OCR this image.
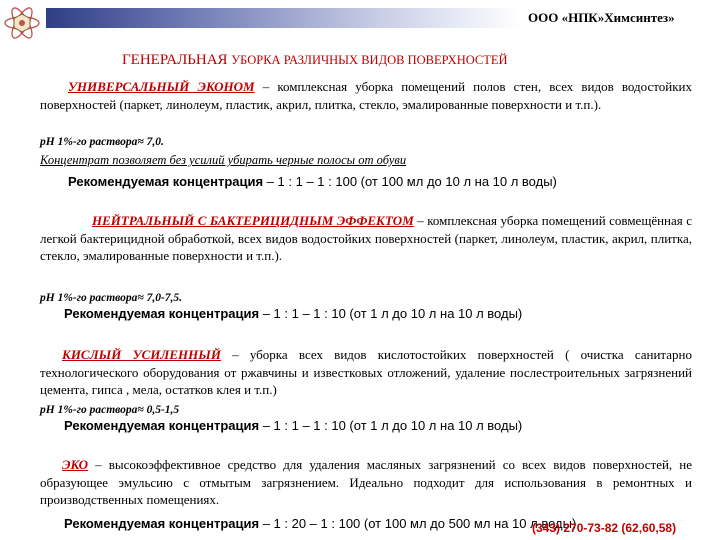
ООО «НПК»Химсинтез»
ГЕНЕРАЛЬНАЯ УБОРКА РАЗЛИЧНЫХ ВИДОВ ПОВЕРХНОСТЕЙ
УНИВЕРСАЛЬНЫЙ ЭКОНОМ – комплексная уборка помещений полов стен, всех видов водостойких поверхностей (паркет, линолеум, пластик, акрил, плитка, стекло, эмалированные поверхности и т.п.).
рН 1%-го раствора≈ 7,0.
Концентрат позволяет без усилий убирать черные полосы от обуви
Рекомендуемая концентрация – 1 : 1 – 1 : 100 (от 100 мл до 10 л на 10 л воды)
НЕЙТРАЛЬНЫЙ С БАКТЕРИЦИДНЫМ ЭФФЕКТОМ – комплексная уборка помещений совмещённая с легкой бактерицидной обработкой, всех видов водостойких поверхностей (паркет, линолеум, пластик, акрил, плитка, стекло, эмалированные поверхности и т.п.).
рН 1%-го раствора≈ 7,0-7,5.
Рекомендуемая концентрация – 1 : 1 – 1 : 10 (от 1 л до 10 л на 10 л воды)
КИСЛЫЙ УСИЛЕННЫЙ – уборка всех видов кислотостойких поверхностей ( очистка санитарно технологического оборудования от ржавчины и известковых отложений, удаление послестроительных загрязнений цемента, гипса , мела, остатков клея и т.п.)
рН 1%-го раствора≈ 0,5-1,5
Рекомендуемая концентрация – 1 : 1 – 1 : 10 (от 1 л до 10 л на 10 л воды)
ЭКО – высокоэффективное средство для удаления масляных загрязнений со всех видов поверхностей, не образующее эмульсию с отмытым загрязнением. Идеально подходит для использования в ремонтных и производственных помещениях.
Рекомендуемая концентрация – 1 : 20 – 1 : 100 (от 100 мл до 500 мл на 10 л воды)
(343) 270-73-82 (62,60,58)
